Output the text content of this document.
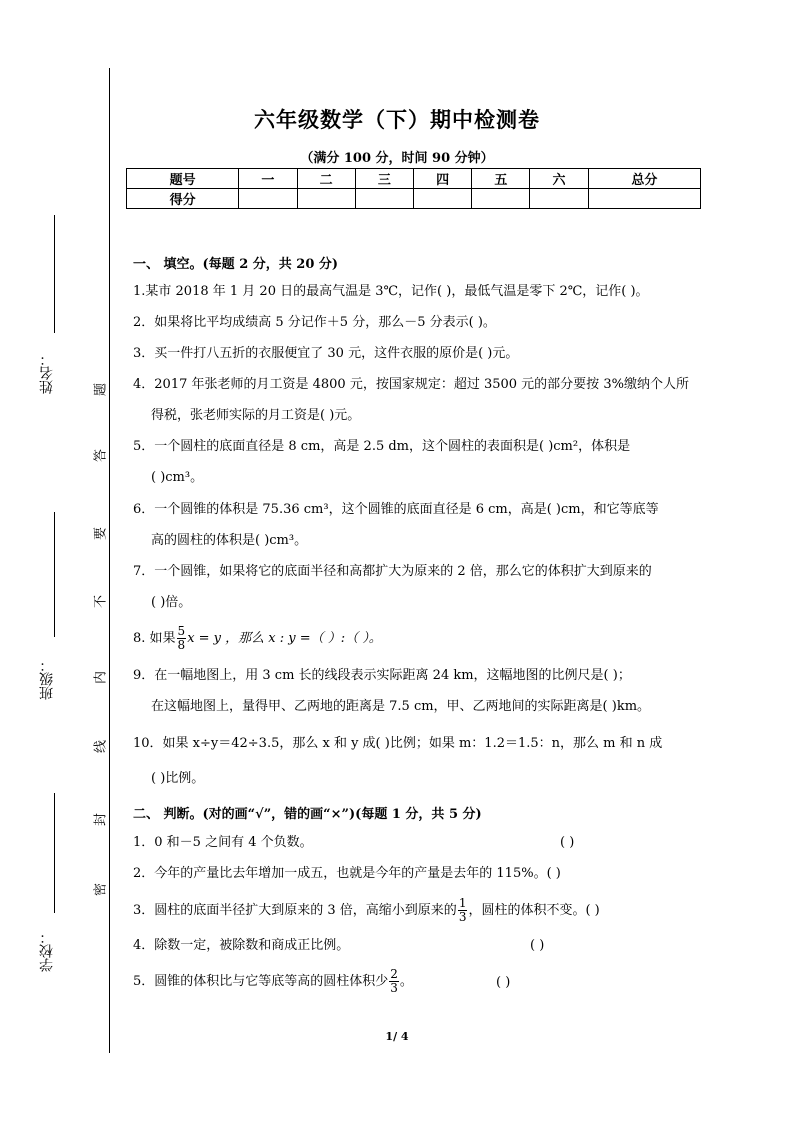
姓名：
班级：
学校：
题
答
要
不
内
线
封
密
六年级数学（下）期中检测卷
（满分 100 分，时间 90 分钟）
题号	一	二	三	四	五	六	总分
得分							
一、 填空。(每题 2 分，共 20 分)
1.某市 2018 年 1 月 20 日的最高气温是 3℃，记作( )，最低气温是零下 2℃，记作( )。
2．如果将比平均成绩高 5 分记作＋5 分，那么－5 分表示( )。
3．买一件打八五折的衣服便宜了 30 元，这件衣服的原价是( )元。
4．2017 年张老师的月工资是 4800 元，按国家规定：超过 3500 元的部分要按 3%缴纳个人所
得税，张老师实际的月工资是( )元。
5．一个圆柱的底面直径是 8 cm，高是 2.5 dm，这个圆柱的表面积是( )cm²，体积是
( )cm³。
6．一个圆锥的体积是 75.36 cm³，这个圆锥的底面直径是 6 cm，高是( )cm，和它等底等
高的圆柱的体积是( )cm³。
7．一个圆锥，如果将它的底面半径和高都扩大为原来的 2 倍，那么它的体积扩大到原来的
( )倍。
8. 如果 $\frac{5}{8}$ x = y ，那么 x : y =（ ）:（ ）。
9．在一幅地图上，用 3 cm 长的线段表示实际距离 24 km，这幅地图的比例尺是( )；
在这幅地图上，量得甲、乙两地的距离是 7.5 cm，甲、乙两地间的实际距离是( )km。
10．如果 x÷y＝42÷3.5，那么 x 和 y 成( )比例；如果 m：1.2＝1.5：n，那么 m 和 n 成
( )比例。
二、 判断。(对的画“√”，错的画“×”)(每题 1 分，共 5 分)
1．0 和－5 之间有 4 个负数。	( )
2．今年的产量比去年增加一成五，也就是今年的产量是去年的 115%。( )
3．圆柱的底面半径扩大到原来的 3 倍，高缩小到原来的 $\frac{1}{3}$ ，圆柱的体积不变。( )
4．除数一定，被除数和商成正比例。	( )
5．圆锥的体积比与它等底等高的圆柱体积少 $\frac{2}{3}$ 。	( )
1/ 4
